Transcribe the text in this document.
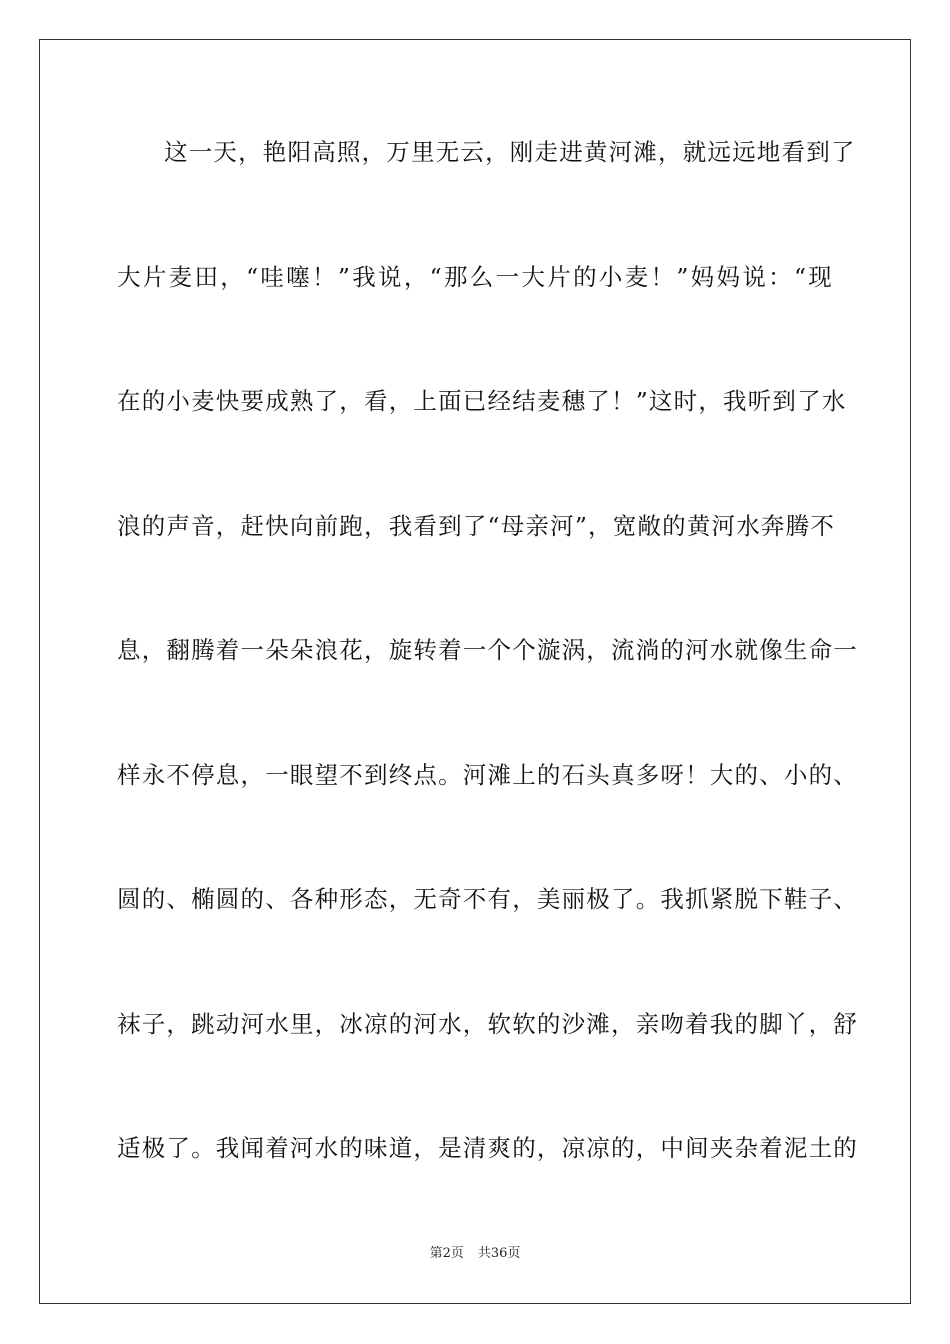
这一天，艳阳高照，万里无云，刚走进黄河滩，就远远地看到了
大片麦田，“哇噻！”我说，“那么一大片的小麦！”妈妈说：“现
在的小麦快要成熟了，看，上面已经结麦穗了！”这时，我听到了水
浪的声音，赶快向前跑，我看到了“母亲河”，宽敞的黄河水奔腾不
息，翻腾着一朵朵浪花，旋转着一个个漩涡，流淌的河水就像生命一
样永不停息，一眼望不到终点。河滩上的石头真多呀！大的、小的、
圆的、椭圆的、各种形态，无奇不有，美丽极了。我抓紧脱下鞋子、
袜子，跳动河水里，冰凉的河水，软软的沙滩，亲吻着我的脚丫，舒
适极了。我闻着河水的味道，是清爽的，凉凉的，中间夹杂着泥土的
第2页 共36页
